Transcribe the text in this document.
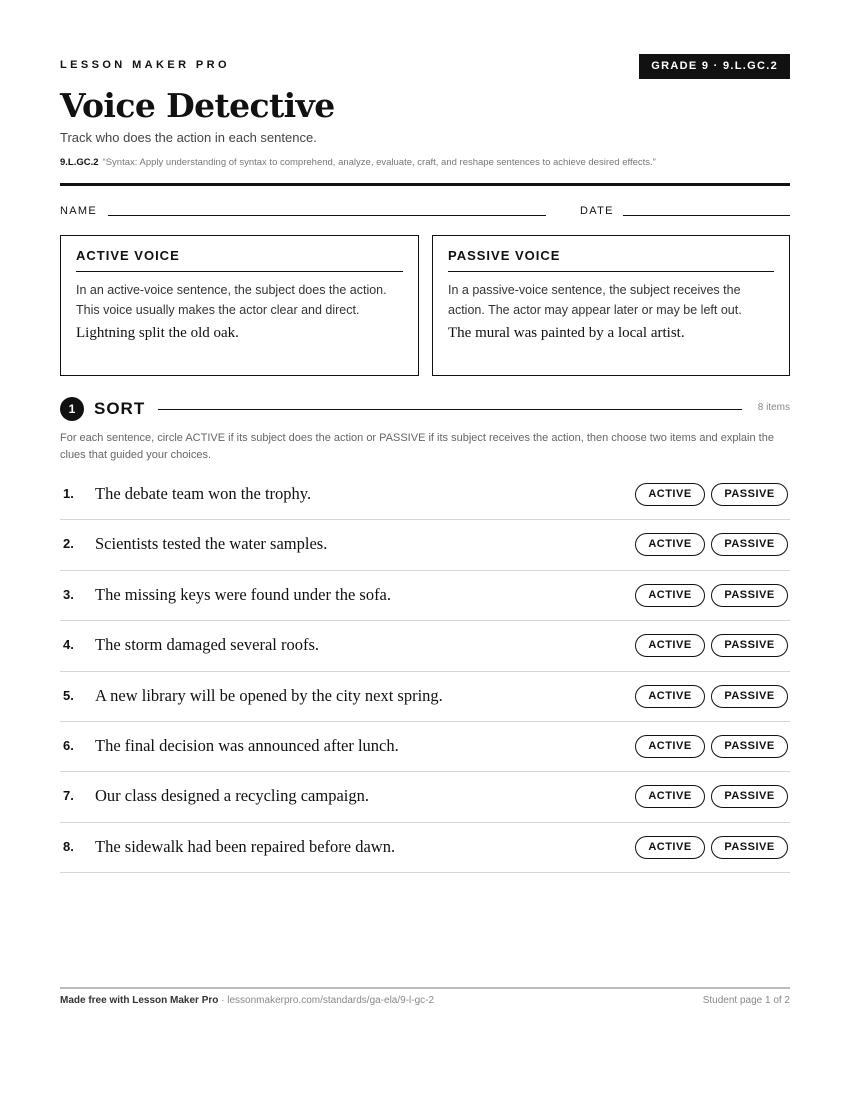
LESSON MAKER PRO	GRADE 9 · 9.L.GC.2
Voice Detective
Track who does the action in each sentence.
9.L.GC.2 “Syntax: Apply understanding of syntax to comprehend, analyze, evaluate, craft, and reshape sentences to achieve desired effects.”
NAME	DATE
ACTIVE VOICE

In an active-voice sentence, the subject does the action. This voice usually makes the actor clear and direct.

Lightning split the old oak.

PASSIVE VOICE

In a passive-voice sentence, the subject receives the action. The actor may appear later or may be left out.

The mural was painted by a local artist.

1	SORT	8 items

For each sentence, circle ACTIVE if its subject does the action or PASSIVE if its subject receives the action, then choose two items and explain the clues that guided your choices.

1. The debate team won the trophy.	ACTIVE	PASSIVE
2. Scientists tested the water samples.	ACTIVE	PASSIVE
3. The missing keys were found under the sofa.	ACTIVE	PASSIVE
4. The storm damaged several roofs.	ACTIVE	PASSIVE
5. A new library will be opened by the city next spring.	ACTIVE	PASSIVE
6. The final decision was announced after lunch.	ACTIVE	PASSIVE
7. Our class designed a recycling campaign.	ACTIVE	PASSIVE
8. The sidewalk had been repaired before dawn.	ACTIVE	PASSIVE
Made free with Lesson Maker Pro · lessonmakerpro.com/standards/ga-ela/9-l-gc-2	Student page 1 of 2
